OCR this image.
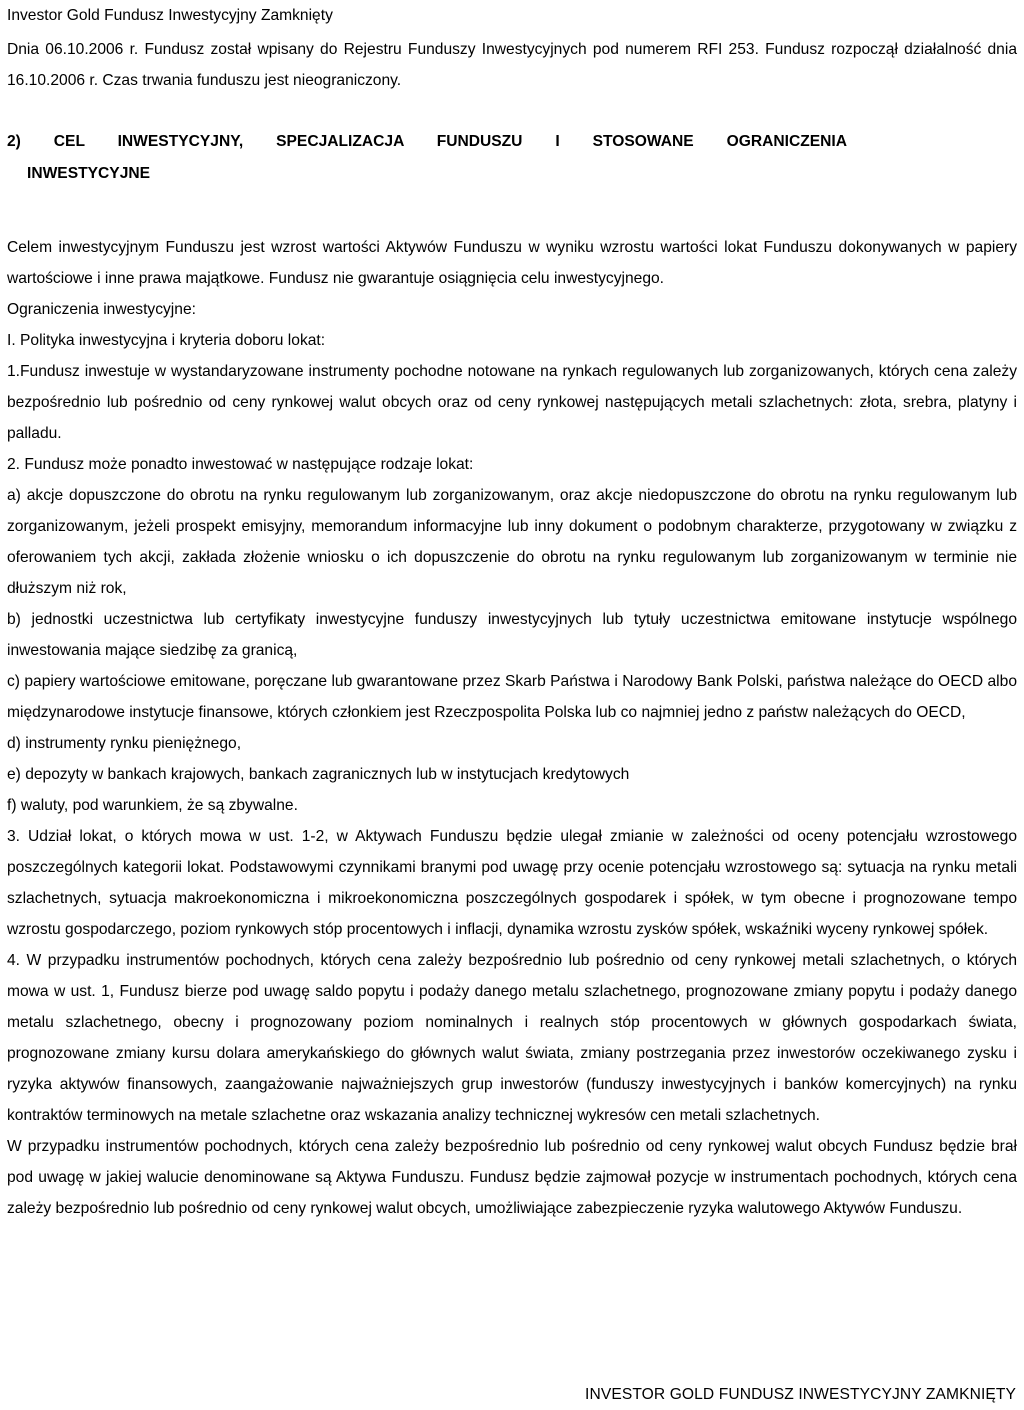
Investor Gold Fundusz Inwestycyjny Zamknięty

Dnia 06.10.2006 r. Fundusz został wpisany do Rejestru Funduszy Inwestycyjnych pod numerem RFI 253. Fundusz rozpoczął działalność dnia 16.10.2006 r. Czas trwania funduszu jest nieograniczony.

2) CEL INWESTYCYJNY, SPECJALIZACJA FUNDUSZU I STOSOWANE OGRANICZENIA
INWESTYCYJNE

Celem inwestycyjnym Funduszu jest wzrost wartości Aktywów Funduszu w wyniku wzrostu wartości lokat Funduszu dokonywanych w papiery wartościowe i inne prawa majątkowe. Fundusz nie gwarantuje osiągnięcia celu inwestycyjnego.

Ograniczenia inwestycyjne:

I. Polityka inwestycyjna i kryteria doboru lokat:

1.Fundusz inwestuje w wystandaryzowane instrumenty pochodne notowane na rynkach regulowanych lub zorganizowanych, których cena zależy bezpośrednio lub pośrednio od ceny rynkowej walut obcych oraz od ceny rynkowej następujących metali szlachetnych: złota, srebra, platyny i palladu.

2. Fundusz może ponadto inwestować w następujące rodzaje lokat:

a) akcje dopuszczone do obrotu na rynku regulowanym lub zorganizowanym, oraz akcje niedopuszczone do obrotu na rynku regulowanym lub zorganizowanym, jeżeli prospekt emisyjny, memorandum informacyjne lub inny dokument o podobnym charakterze, przygotowany w związku z oferowaniem tych akcji, zakłada złożenie wniosku o ich dopuszczenie do obrotu na rynku regulowanym lub zorganizowanym w terminie nie dłuższym niż rok,

b) jednostki uczestnictwa lub certyfikaty inwestycyjne funduszy inwestycyjnych lub tytuły uczestnictwa emitowane instytucje wspólnego inwestowania mające siedzibę za granicą,

c) papiery wartościowe emitowane, poręczane lub gwarantowane przez Skarb Państwa i Narodowy Bank Polski, państwa należące do OECD albo międzynarodowe instytucje finansowe, których członkiem jest Rzeczpospolita Polska lub co najmniej jedno z państw należących do OECD,

d) instrumenty rynku pieniężnego,

e) depozyty w bankach krajowych, bankach zagranicznych lub w instytucjach kredytowych

f) waluty, pod warunkiem, że są zbywalne.

3. Udział lokat, o których mowa w ust. 1-2, w Aktywach Funduszu będzie ulegał zmianie w zależności od oceny potencjału wzrostowego poszczególnych kategorii lokat. Podstawowymi czynnikami branymi pod uwagę przy ocenie potencjału wzrostowego są: sytuacja na rynku metali szlachetnych, sytuacja makroekonomiczna i mikroekonomiczna poszczególnych gospodarek i spółek, w tym obecne i prognozowane tempo wzrostu gospodarczego, poziom rynkowych stóp procentowych i inflacji, dynamika wzrostu zysków spółek, wskaźniki wyceny rynkowej spółek.

4. W przypadku instrumentów pochodnych, których cena zależy bezpośrednio lub pośrednio od ceny rynkowej metali szlachetnych, o których mowa w ust. 1, Fundusz bierze pod uwagę saldo popytu i podaży danego metalu szlachetnego, prognozowane zmiany popytu i podaży danego metalu szlachetnego, obecny i prognozowany poziom nominalnych i realnych stóp procentowych w głównych gospodarkach świata, prognozowane zmiany kursu dolara amerykańskiego do głównych walut świata, zmiany postrzegania przez inwestorów oczekiwanego zysku i ryzyka aktywów finansowych, zaangażowanie najważniejszych grup inwestorów (funduszy inwestycyjnych i banków komercyjnych) na rynku kontraktów terminowych na metale szlachetne oraz wskazania analizy technicznej wykresów cen metali szlachetnych.

W przypadku instrumentów pochodnych, których cena zależy bezpośrednio lub pośrednio od ceny rynkowej walut obcych Fundusz będzie brał pod uwagę w jakiej walucie denominowane są Aktywa Funduszu. Fundusz będzie zajmował pozycje w instrumentach pochodnych, których cena zależy bezpośrednio lub pośrednio od ceny rynkowej walut obcych, umożliwiające zabezpieczenie ryzyka walutowego Aktywów Funduszu.

INVESTOR GOLD FUNDUSZ INWESTYCYJNY ZAMKNIĘTY
